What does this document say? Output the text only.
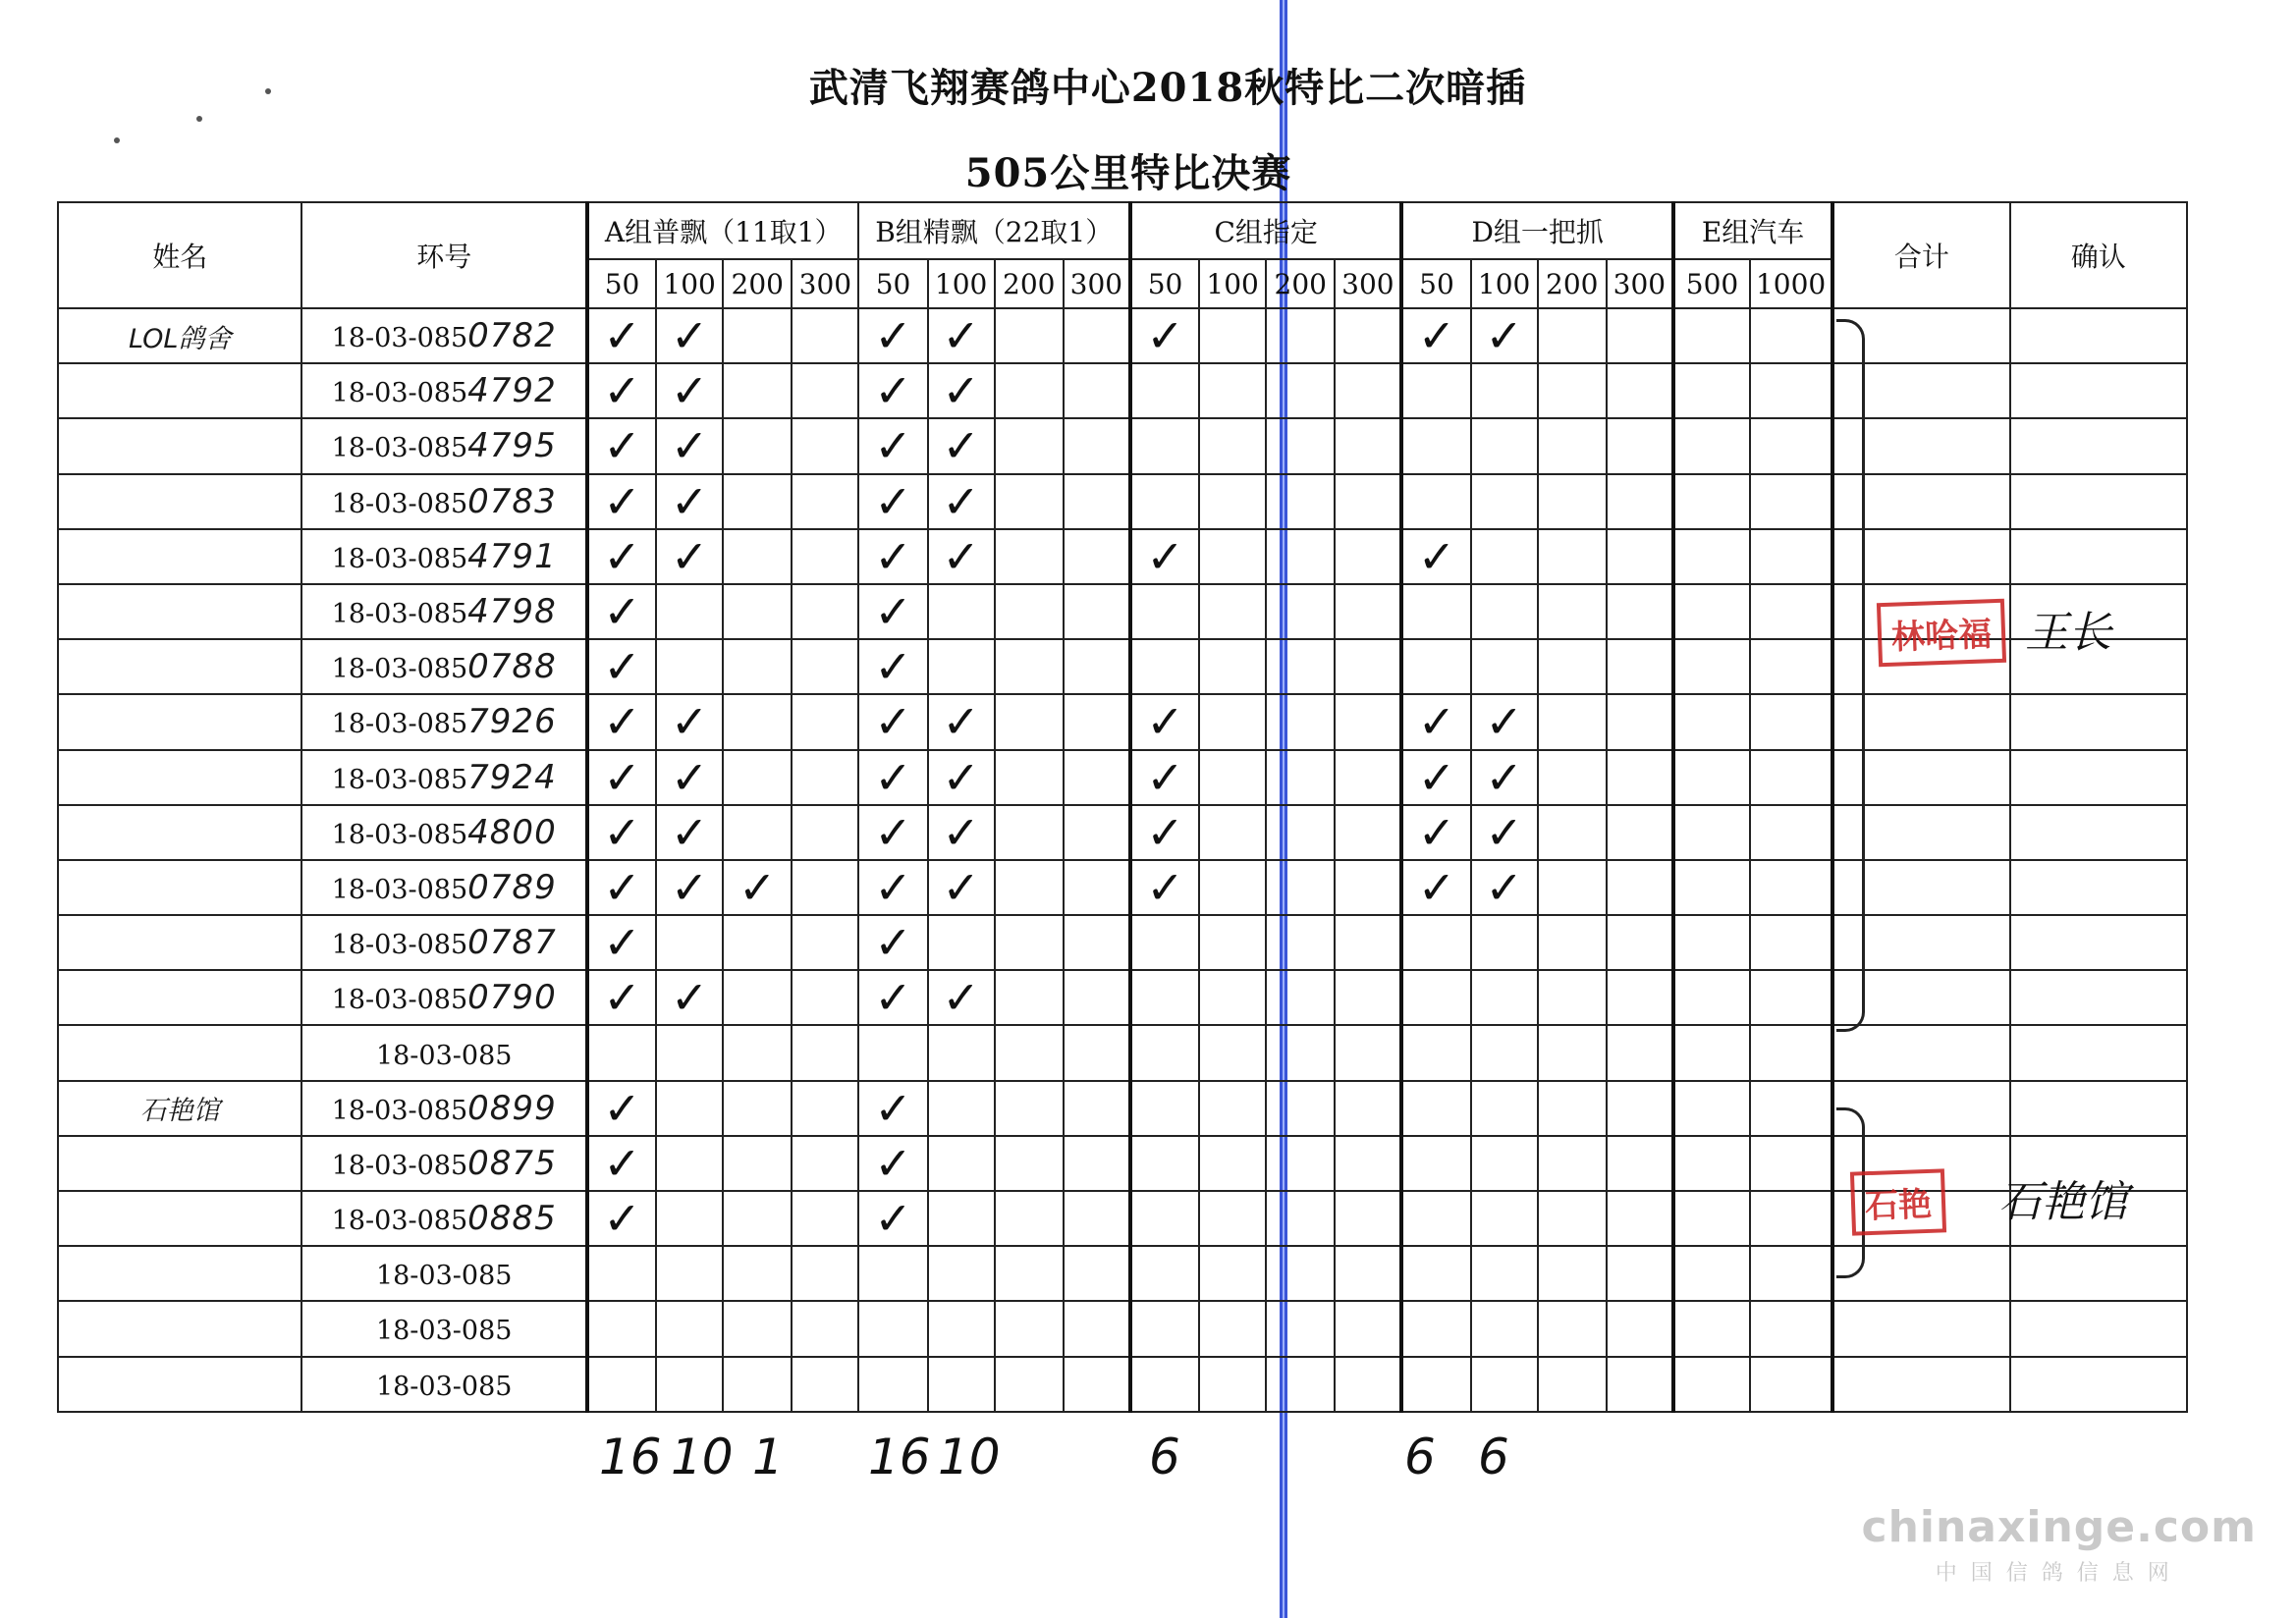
武清飞翔赛鸽中心2018秋特比二次暗插
505公里特比决赛
姓名	环号	A组普飘（11取1）				B组精飘（22取1）				C组指定				D组一把抓				E组汽车		合计	确认
		50	100	200	300	50	100	200	300	50	100	200	300	50	100	200	300	500	1000		
LOL鸽舍	18-03-0850782	✓	✓			✓	✓			✓				✓	✓						
	18-03-0854792	✓	✓			✓	✓														
	18-03-0854795	✓	✓			✓	✓														
	18-03-0850783	✓	✓			✓	✓														
	18-03-0854791	✓	✓			✓	✓			✓				✓							
	18-03-0854798	✓				✓															
	18-03-0850788	✓				✓															
	18-03-0857926	✓	✓			✓	✓			✓				✓	✓						
	18-03-0857924	✓	✓			✓	✓			✓				✓	✓						
	18-03-0854800	✓	✓			✓	✓			✓				✓	✓						
	18-03-0850789	✓	✓	✓		✓	✓			✓				✓	✓						
	18-03-0850787	✓				✓															
	18-03-0850790	✓	✓			✓	✓														
	18-03-085																				
石艳馆	18-03-0850899	✓				✓															
	18-03-0850875	✓				✓															
	18-03-0850885	✓				✓															
	18-03-085																				
	18-03-085																				
	18-03-085																				
林哈福 王长
石艳	石艳馆
16 10 1 16 10	6	6 6
chinaxinge.com
中国信鸽信息网
